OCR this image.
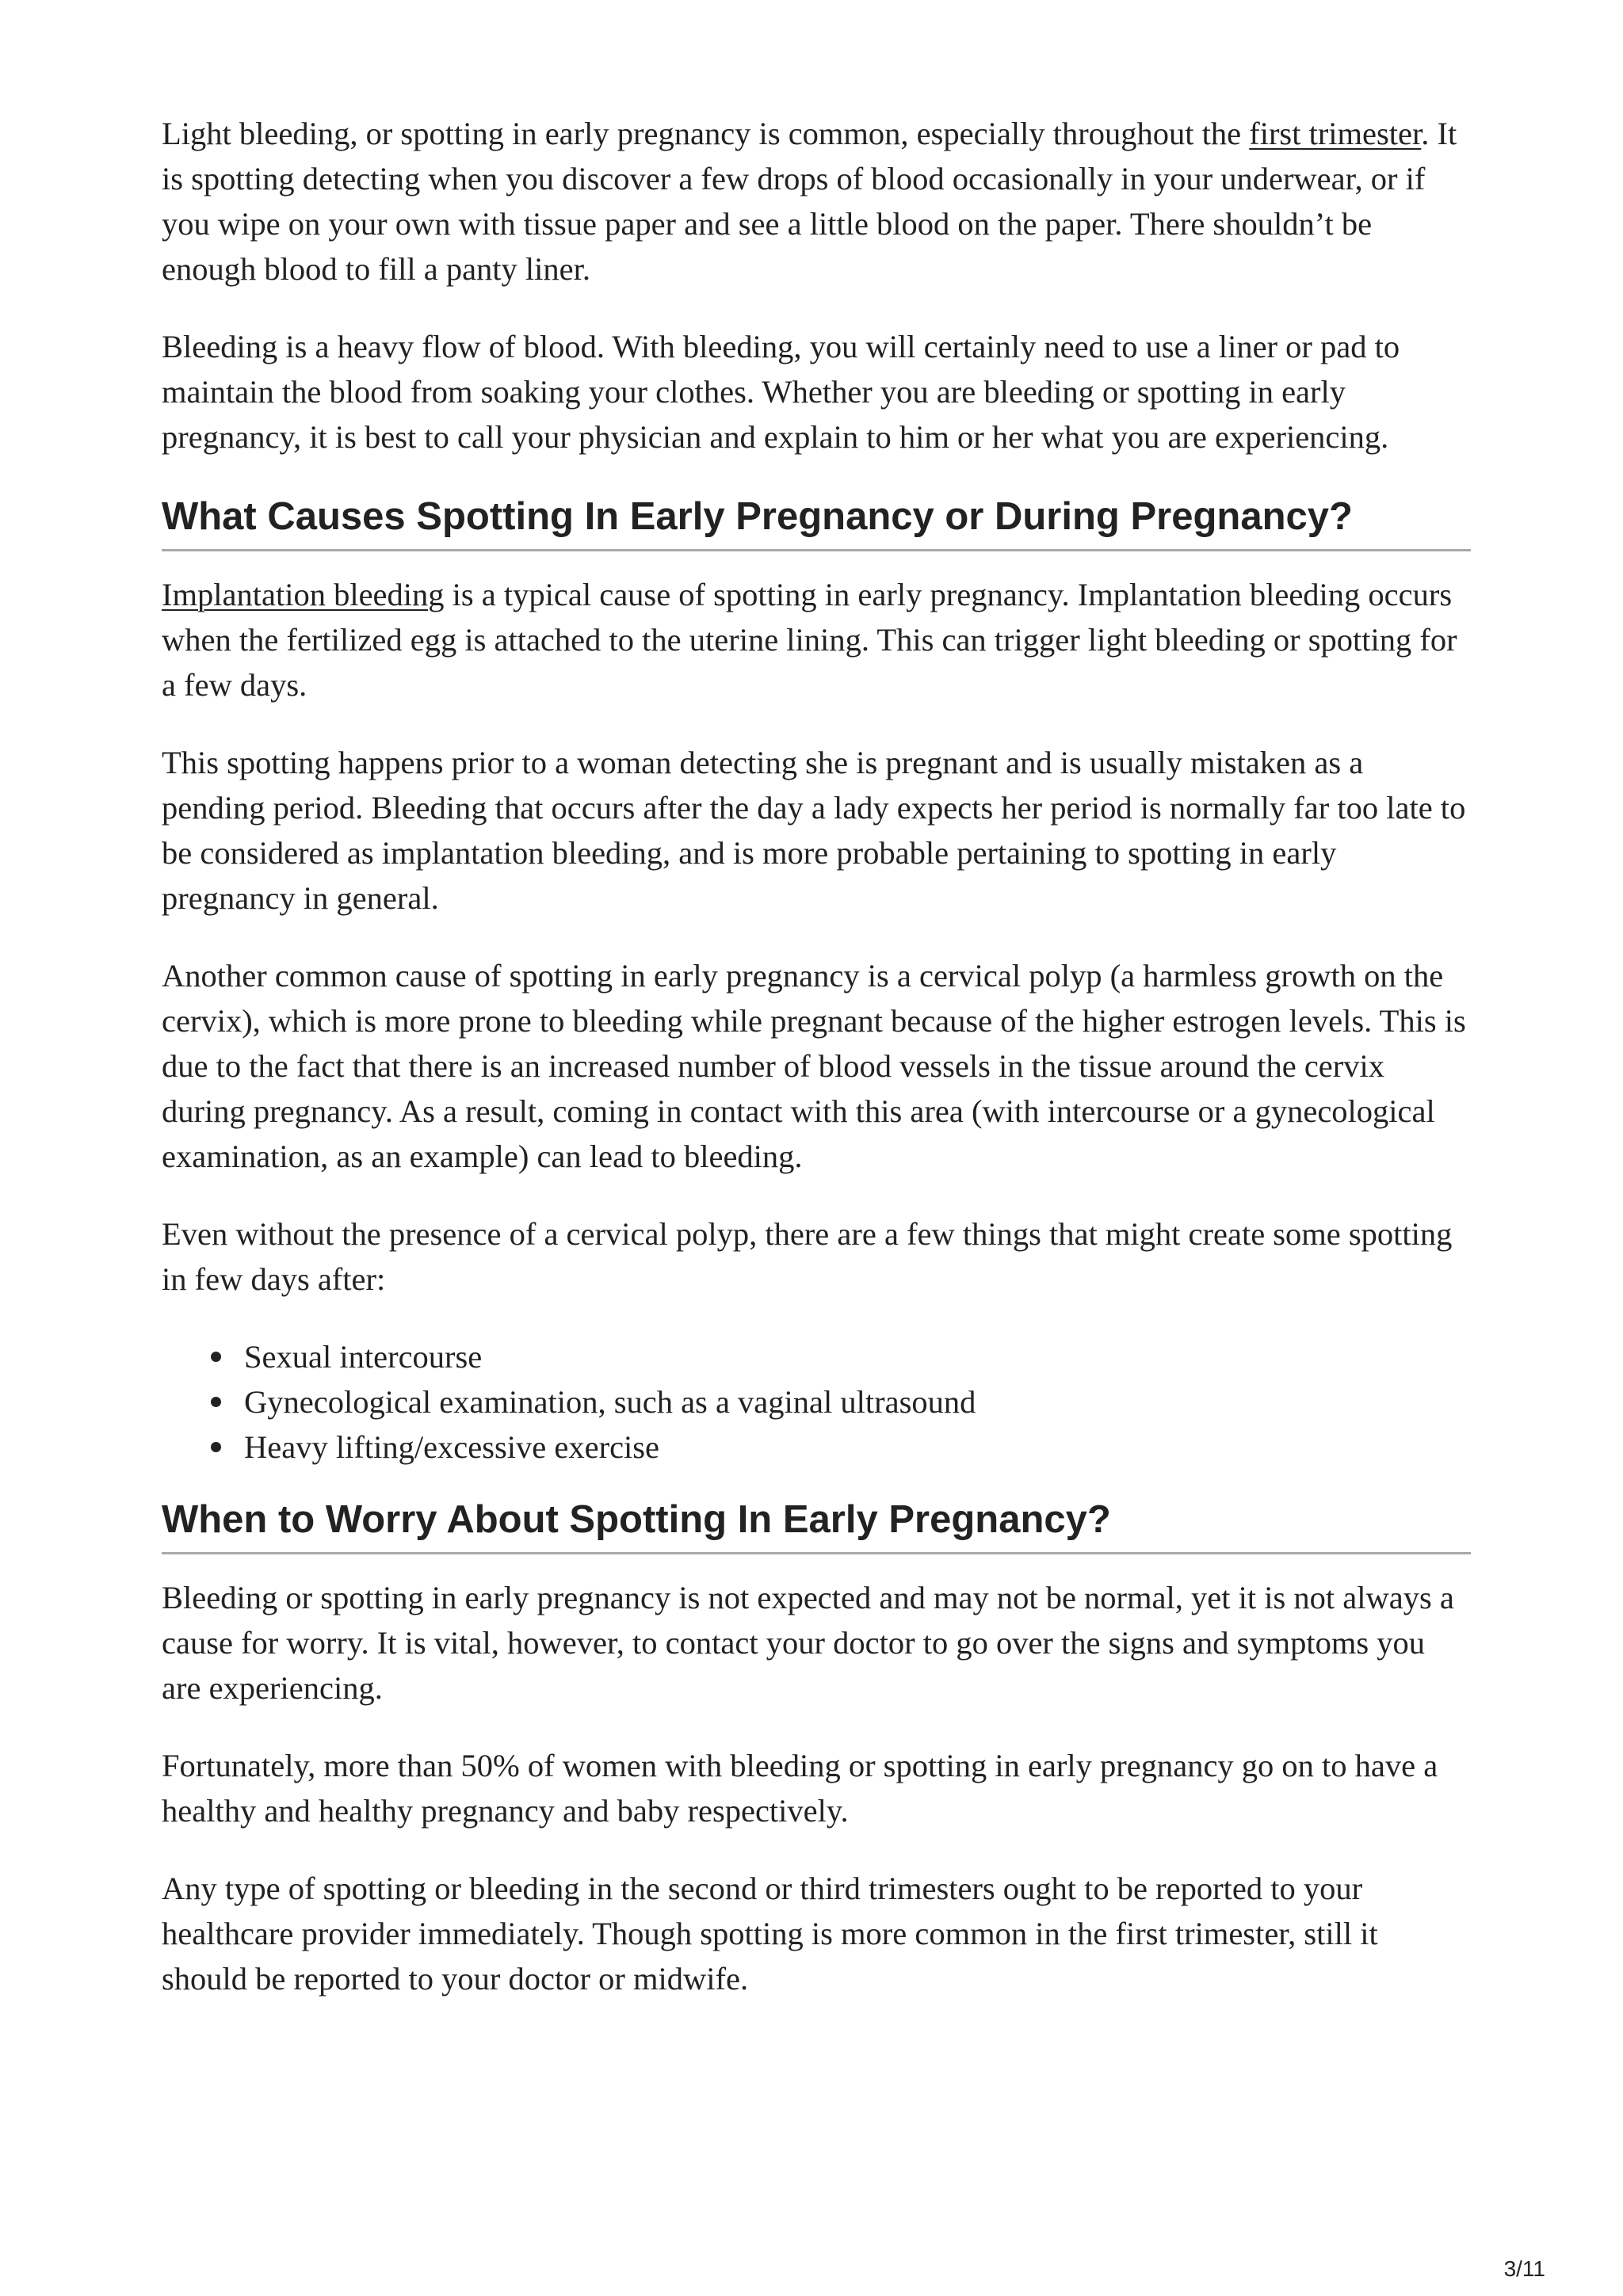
Light bleeding, or spotting in early pregnancy is common, especially throughout the first trimester. It is spotting detecting when you discover a few drops of blood occasionally in your underwear, or if you wipe on your own with tissue paper and see a little blood on the paper. There shouldn’t be enough blood to fill a panty liner.

Bleeding is a heavy flow of blood. With bleeding, you will certainly need to use a liner or pad to maintain the blood from soaking your clothes. Whether you are bleeding or spotting in early pregnancy, it is best to call your physician and explain to him or her what you are experiencing.

What Causes Spotting In Early Pregnancy or During Pregnancy?

Implantation bleeding is a typical cause of spotting in early pregnancy. Implantation bleeding occurs when the fertilized egg is attached to the uterine lining. This can trigger light bleeding or spotting for a few days.

This spotting happens prior to a woman detecting she is pregnant and is usually mistaken as a pending period. Bleeding that occurs after the day a lady expects her period is normally far too late to be considered as implantation bleeding, and is more probable pertaining to spotting in early pregnancy in general.

Another common cause of spotting in early pregnancy is a cervical polyp (a harmless growth on the cervix), which is more prone to bleeding while pregnant because of the higher estrogen levels. This is due to the fact that there is an increased number of blood vessels in the tissue around the cervix during pregnancy. As a result, coming in contact with this area (with intercourse or a gynecological examination, as an example) can lead to bleeding.

Even without the presence of a cervical polyp, there are a few things that might create some spotting in few days after:

Sexual intercourse
Gynecological examination, such as a vaginal ultrasound
Heavy lifting/excessive exercise
When to Worry About Spotting In Early Pregnancy?

Bleeding or spotting in early pregnancy is not expected and may not be normal, yet it is not always a cause for worry. It is vital, however, to contact your doctor to go over the signs and symptoms you are experiencing.

Fortunately, more than 50% of women with bleeding or spotting in early pregnancy go on to have a healthy and healthy pregnancy and baby respectively.

Any type of spotting or bleeding in the second or third trimesters ought to be reported to your healthcare provider immediately. Though spotting is more common in the first trimester, still it should be reported to your doctor or midwife.

3/11
